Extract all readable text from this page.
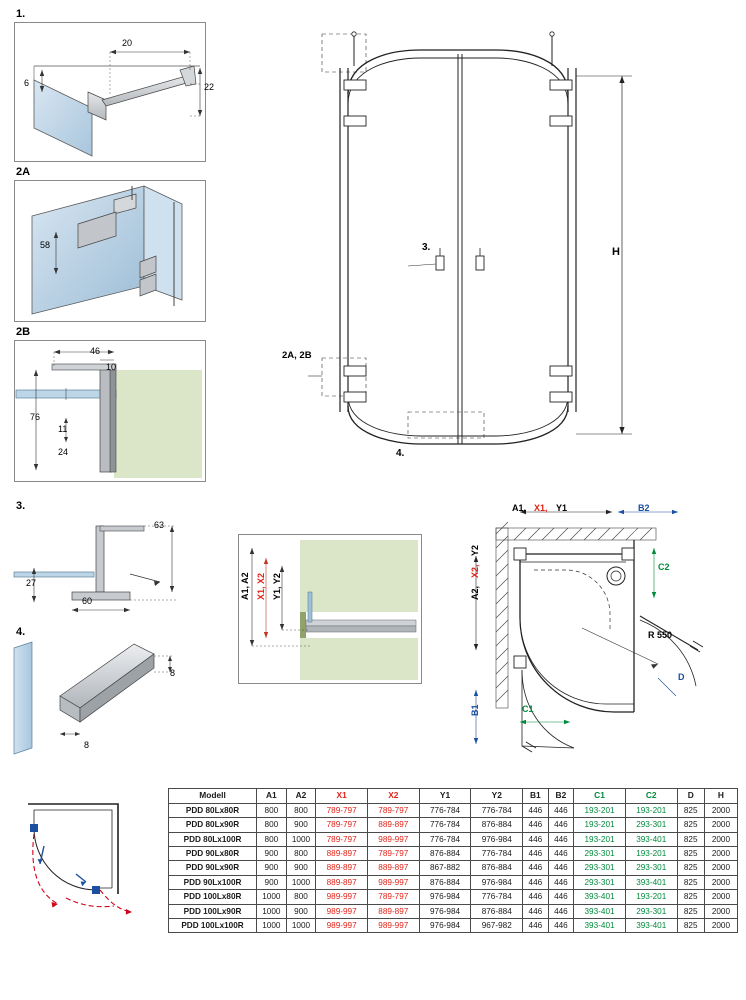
1.
20
6	22
2A
58
2B
46
10
76
11
24
3.
63
27
60
4.
8
8
H
3.
2A, 2B
4.
A1, A2 X1, X2 Y1, Y2
A1, X1, Y1	B2
A2,
X2,
Y2
B1	C1
C2
R 550
D
Modell	A1	A2	X1	X2	Y1	Y2	B1	B2	C1	C2	D	H
PDD 80Lx80R	800	800	789-797	789-797	776-784	776-784	446	446	193-201	193-201	825	2000
PDD 80Lx90R	800	900	789-797	889-897	776-784	876-884	446	446	193-201	293-301	825	2000
PDD 80Lx100R	800	1000	789-797	989-997	776-784	976-984	446	446	193-201	393-401	825	2000
PDD 90Lx80R	900	800	889-897	789-797	876-884	776-784	446	446	293-301	193-201	825	2000
PDD 90Lx90R	900	900	889-897	889-897	867-882	876-884	446	446	293-301	293-301	825	2000
PDD 90Lx100R	900	1000	889-897	989-997	876-884	976-984	446	446	293-301	393-401	825	2000
PDD 100Lx80R	1000	800	989-997	789-797	976-984	776-784	446	446	393-401	193-201	825	2000
PDD 100Lx90R	1000	900	989-997	889-897	976-984	876-884	446	446	393-401	293-301	825	2000
PDD 100Lx100R	1000	1000	989-997	989-997	976-984	967-982	446	446	393-401	393-401	825	2000
